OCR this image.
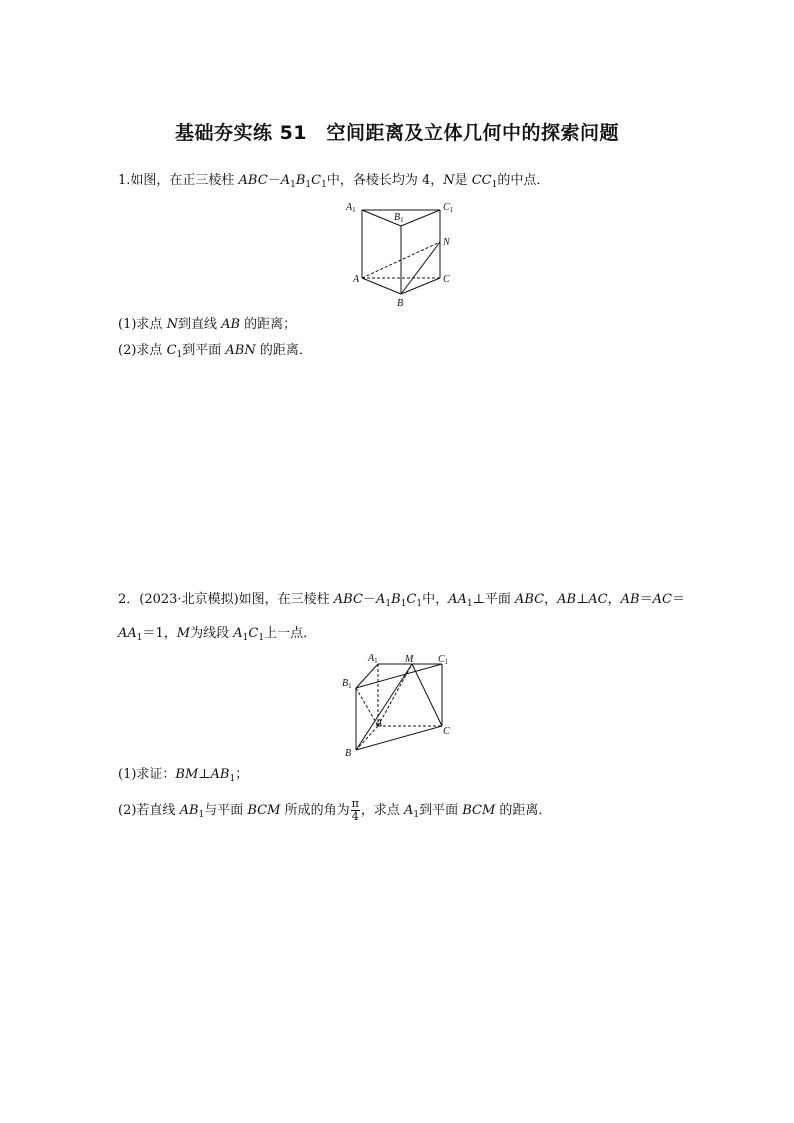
基础夯实练 51　空间距离及立体几何中的探索问题
1.如图，在正三棱柱 $ABC-A_1B_1C_1$中，各棱长均为 4，N是 $CC_1$的中点．
$A_1$
$B_1$
$C_1$
N
A	C
B
(1)求点 N到直线 AB 的距离；
(2)求点 $C_1$到平面 ABN 的距离．
2．(2023·北京模拟)如图，在三棱柱 $ABC-A_1B_1C_1$中，$AA_1\perp$平面 ABC，AB⊥AC，AB＝AC＝
$AA_1=1$，M为线段 $A_1C_1$上一点．
$A_1$	M $C_1$
$B_1$
A
C
B
(1)求证：$BM\perp AB_1$；
(2)若直线 $AB_1$与平面 BCM 所成的角为 $\frac{\pi}{4}$ ，求点 $A_1$到平面 BCM 的距离．
